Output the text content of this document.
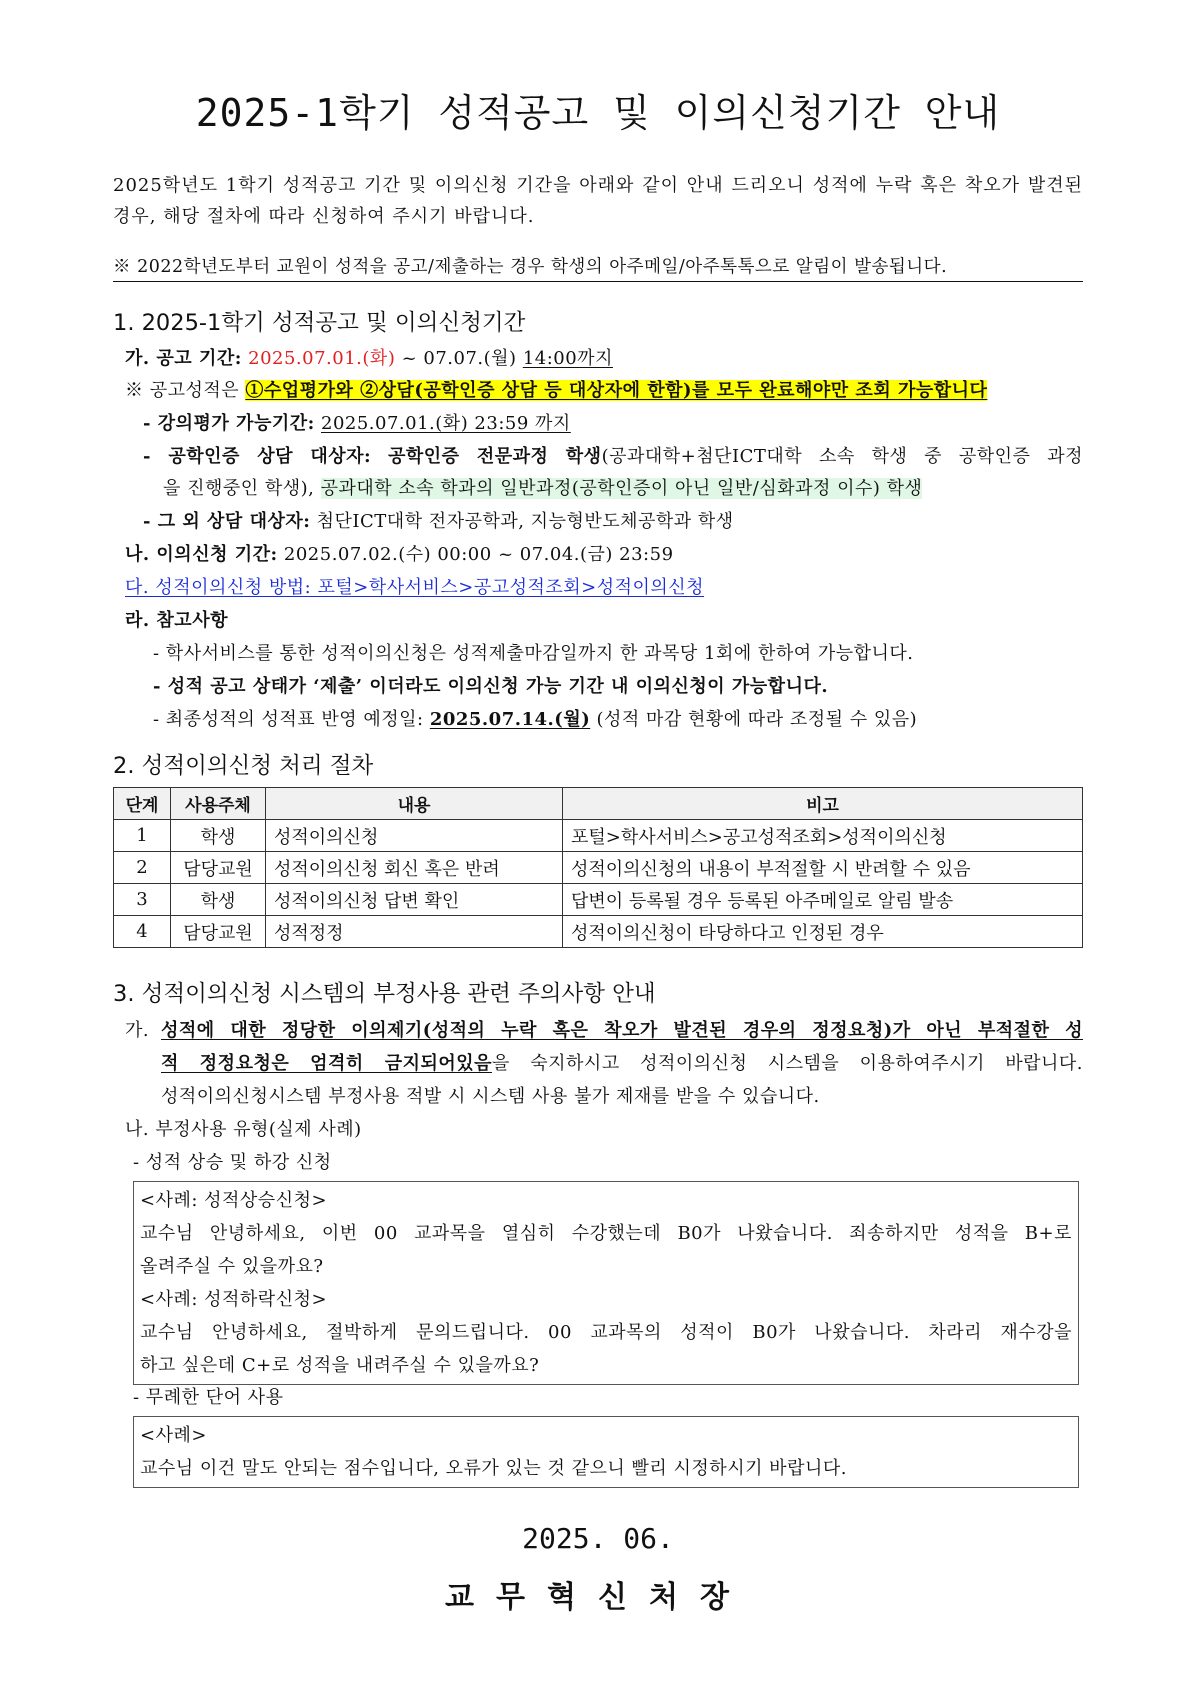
2025-1학기 성적공고 및 이의신청기간 안내
2025학년도 1학기 성적공고 기간 및 이의신청 기간을 아래와 같이 안내 드리오니 성적에 누락 혹은 착오가 발견된 경우, 해당 절차에 따라 신청하여 주시기 바랍니다.
※ 2022학년도부터 교원이 성적을 공고/제출하는 경우 학생의 아주메일/아주톡톡으로 알림이 발송됩니다.
1. 2025-1학기 성적공고 및 이의신청기간
가. 공고 기간: 2025.07.01.(화) ~ 07.07.(월) 14:00까지
※ 공고성적은 ①수업평가와 ②상담(공학인증 상담 등 대상자에 한함)를 모두 완료해야만 조회 가능합니다
- 강의평가 가능기간: 2025.07.01.(화) 23:59 까지
- 공학인증 상담 대상자: 공학인증 전문과정 학생(공과대학+첨단ICT대학 소속 학생 중 공학인증 과정
을 진행중인 학생), 공과대학 소속 학과의 일반과정(공학인증이 아닌 일반/심화과정 이수) 학생
- 그 외 상담 대상자: 첨단ICT대학 전자공학과, 지능형반도체공학과 학생
나. 이의신청 기간: 2025.07.02.(수) 00:00 ~ 07.04.(금) 23:59
다. 성적이의신청 방법: 포털>학사서비스>공고성적조회>성적이의신청
라. 참고사항
- 학사서비스를 통한 성적이의신청은 성적제출마감일까지 한 과목당 1회에 한하여 가능합니다.
- 성적 공고 상태가 ‘제출’ 이더라도 이의신청 가능 기간 내 이의신청이 가능합니다.
- 최종성적의 성적표 반영 예정일: 2025.07.14.(월) (성적 마감 현황에 따라 조정될 수 있음)
2. 성적이의신청 처리 절차
단계	사용주체	내용	비고
1	학생	성적이의신청	포털>학사서비스>공고성적조회>성적이의신청
2	담당교원	성적이의신청 회신 혹은 반려	성적이의신청의 내용이 부적절할 시 반려할 수 있음
3	학생	성적이의신청 답변 확인	답변이 등록될 경우 등록된 아주메일로 알림 발송
4	담당교원	성적정정	성적이의신청이 타당하다고 인정된 경우
3. 성적이의신청 시스템의 부정사용 관련 주의사항 안내
가. 성적에 대한 정당한 이의제기(성적의 누락 혹은 착오가 발견된 경우의 정정요청)가 아닌 부적절한 성
적 정정요청은 엄격히 금지되어있음을 숙지하시고 성적이의신청 시스템을 이용하여주시기 바랍니다.
성적이의신청시스템 부정사용 적발 시 시스템 사용 불가 제재를 받을 수 있습니다.
나. 부정사용 유형(실제 사례)
- 성적 상승 및 하강 신청
<사례: 성적상승신청>
교수님 안녕하세요, 이번 00 교과목을 열심히 수강했는데 B0가 나왔습니다. 죄송하지만 성적을 B+로
올려주실 수 있을까요?
<사례: 성적하락신청>
교수님 안녕하세요, 절박하게 문의드립니다. 00 교과목의 성적이 B0가 나왔습니다. 차라리 재수강을
하고 싶은데 C+로 성적을 내려주실 수 있을까요?
- 무례한 단어 사용
<사례>
교수님 이건 말도 안되는 점수입니다, 오류가 있는 것 같으니 빨리 시정하시기 바랍니다.
2025. 06.
교무혁신처장
